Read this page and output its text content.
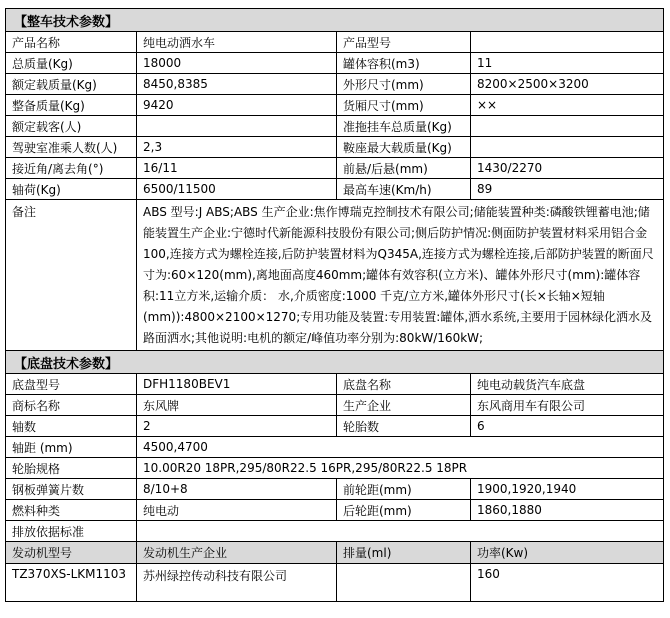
【整车技术参数】			
产品名称	纯电动洒水车	产品型号	
总质量(Kg)	18000	罐体容积(m3)	11
额定载质量(Kg)	8450,8385	外形尺寸(mm)	8200×2500×3200
整备质量(Kg)	9420	货厢尺寸(mm)	××
额定载客(人)		准拖挂车总质量(Kg)	
驾驶室准乘人数(人)	2,3	鞍座最大载质量(Kg)	
接近角/离去角(°)	16/11	前悬/后悬(mm)	1430/2270
轴荷(Kg)	6500/11500	最高车速(Km/h)	89
备注	ABS 型号:J ABS;ABS 生产企业:焦作博瑞克控制技术有限公司;储能装置种类:磷酸铁锂蓄电池;储能装置生产企业:宁德时代新能源科技股份有限公司;侧后防护情况:侧面防护装置材料采用铝合金100,连接方式为螺栓连接,后防护装置材料为Q345A,连接方式为螺栓连接,后部防护装置的断面尺寸为:60×120(mm),离地面高度460mm;罐体有效容积(立方米)、罐体外形尺寸(mm):罐体容积:11立方米,运输介质： 水,介质密度:1000 千克/立方米,罐体外形尺寸(长×长轴×短轴(mm)):4800×2100×1270;专用功能及装置:专用装置:罐体,洒水系统,主要用于园林绿化洒水及路面洒水;其他说明:电机的额定/峰值功率分别为:80kW/160kW;		
【底盘技术参数】			
底盘型号	DFH1180BEV1	底盘名称	纯电动载货汽车底盘
商标名称	东风牌	生产企业	东风商用车有限公司
轴数	2	轮胎数	6
轴距 (mm)	4500,4700		
轮胎规格	10.00R20 18PR,295/80R22.5 16PR,295/80R22.5 18PR		
钢板弹簧片数	8/10+8	前轮距(mm)	1900,1920,1940
燃料种类	纯电动	后轮距(mm)	1860,1880
排放依据标准			
发动机型号	发动机生产企业	排量(ml)	功率(Kw)
TZ370XS-LKM1103	苏州绿控传动科技有限公司		160
